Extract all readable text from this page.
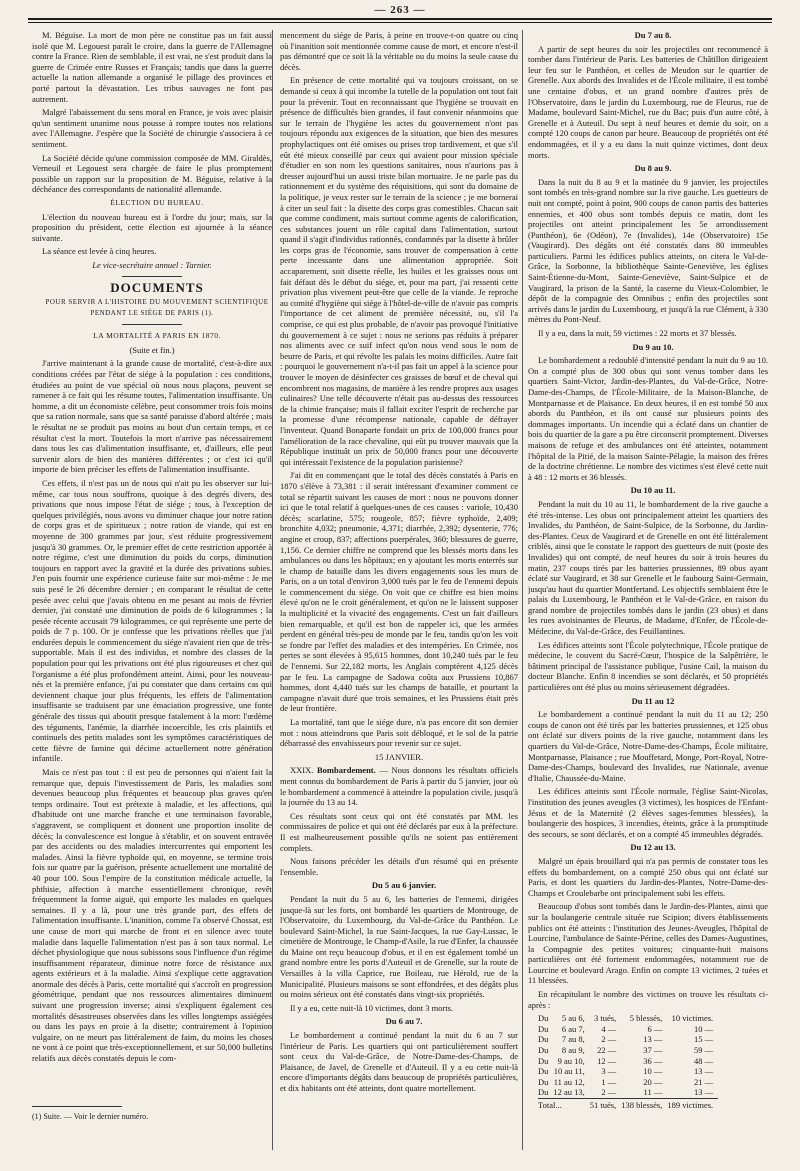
— 263 —

M. Béguise. La mort de mon père ne constitue pas un fait aussi isolé que M. Legouest paraît le croire, dans la guerre de l'Allemagne contre la France. Rien de semblable, il est vrai, ne s'est produit dans la guerre de Crimée entre Russes et Français; tandis que dans la guerre actuelle la nation allemande a organisé le pillage des provinces et porté partout la dévastation. Les tribus sauvages ne font pas autrement.

Malgré l'abaissement du sens moral en France, je vois avec plaisir qu'un sentiment unanime nous pousse à rompre toutes nos relations avec l'Allemagne. J'espère que la Société de chirurgie s'associera à ce sentiment.

La Société décide qu'une commission composée de MM. Giraldès, Verneuil et Legouest sera chargée de faire le plus promptement possible un rapport sur la proposition de M. Béguise, relative à la déchéance des correspondants de nationalité allemande.

ÉLECTION DU BUREAU.

L'élection du nouveau bureau est à l'ordre du jour; mais, sur la proposition du président, cette élection est ajournée à la séance suivante.

La séance est levée à cinq heures.

Le vice-secrétaire annuel : Tarnier.

DOCUMENTS

POUR SERVIR A L'HISTOIRE DU MOUVEMENT SCIENTIFIQUE PENDANT LE SIÉGE DE PARIS (1).

LA MORTALITÉ A PARIS EN 1870.

(Suite et fin.)

J'arrive maintenant à la grande cause de mortalité, c'est-à-dire aux conditions créées par l'état de siége à la population : ces conditions, étudiées au point de vue spécial où nous nous plaçons, peuvent se ramener à ce fait qui les résume toutes, l'alimentation insuffisante. Un homme, a dit un économiste célèbre, peut consommer trois fois moins que sa ration normale, sans que sa santé paraisse d'abord altérée ; mais le résultat ne se produit pas moins au bout d'un certain temps, et ce résultat c'est la mort. Toutefois la mort n'arrive pas nécessairement dans tous les cas d'alimentation insuffisante, et, d'ailleurs, elle peut survenir alors de bien des manières différentes ; or c'est ici qu'il importe de bien préciser les effets de l'alimentation insuffisante.

Ces effets, il n'est pas un de nous qui n'ait pu les observer sur lui-même, car tous nous souffrons, quoique à des degrés divers, des privations que nous impose l'état de siége ; tous, à l'exception de quelques privilégiés, nous avons vu diminuer chaque jour notre ration de corps gras et de spiritueux ; notre ration de viande, qui est en moyenne de 300 grammes par jour, s'est réduite progressivement jusqu'à 30 grammes. Or, le premier effet de cette restriction apportée à notre régime, c'est une diminution du poids du corps, diminution toujours en rapport avec la gravité et la durée des privations subies. J'en puis fournir une expérience curieuse faite sur moi-même : Je me suis pesé le 26 décembre dernier ; en comparant le résultat de cette pesée avec celui que j'avais obtenu en me pesant au mois de février dernier, j'ai constaté une diminution de poids de 6 kilogrammes ; la pesée récente accusait 79 kilogrammes, ce qui représente une perte de poids de 7 p. 100. Or je confesse que les privations réelles que j'ai endurées depuis le commencement du siége n'avaient rien que de très-supportable. Mais il est des individus, et nombre des classes de la population pour qui les privations ont été plus rigoureuses et chez qui l'organisme a été plus profondément atteint. Ainsi, pour les nouveau-nés et la première enfance, j'ai pu constater que dans certains cas qui deviennent chaque jour plus fréquents, les effets de l'alimentation insuffisante se traduisent par une émaciation progressive, une fonte générale des tissus qui aboutit presque fatalement à la mort: l'œdème des téguments, l'anémie, la diarrhée incoercible, les cris plaintifs et continuels des petits malades sont les symptômes caractéristiques de cette fièvre de famine qui décime actuellement notre génération infantile.

Mais ce n'est pas tout : il est peu de personnes qui n'aient fait la remarque que, depuis l'investissement de Paris, les maladies sont devenues beaucoup plus fréquentes et beaucoup plus graves qu'en temps ordinaire. Tout est prétexte à maladie, et les affections, qui d'habitude ont une marche franche et une terminaison favorable, s'aggravent, se compliquent et donnent une proportion insolite de décès; la convalescence est longue à s'établir, et on souvent entravée par des accidents ou des maladies intercurrentes qui emportent les malades. Ainsi la fièvre typhoïde qui, en moyenne, se termine trois fois sur quatre par la guérison, présente actuellement une mortalité de 40 pour 100. Sous l'empire de la constitution médicale actuelle, la phthisie, affection à marche essentiellement chronique, revêt fréquemment la forme aiguë, qui emporte les malades en quelques semaines. Il y a là, pour une très grande part, des effets de l'alimentation insuffisante. L'inanition, comme l'a observé Chossat, est une cause de mort qui marche de front et en silence avec toute maladie dans laquelle l'alimentation n'est pas à son taux normal. Le déchet physiologique que nous subissons sous l'influence d'un régime insuffisamment réparateur, diminue notre force de résistance aux agents extérieurs et à la maladie. Ainsi s'explique cette aggravation anormale des décès à Paris, cette mortalité qui s'accroît en progression géométrique, pendant que nos ressources alimentaires diminuent suivant une progression inverse; ainsi s'expliquent également ces mortalités désastreuses observées dans les villes longtemps assiégées ou dans les pays en proie à la disette; contrairement à l'opinion vulgaire, on ne meurt pas littéralement de faim, du moins les choses ne vont à ce point que très-exceptionnellement, et sur 50,000 bulletins relatifs aux décès constatés depuis le com-

(1) Suite. — Voir le dernier numéro.

mencement du siége de Paris, à peine en trouve-t-on quatre ou cinq où l'inanition soit mentionnée comme cause de mort, et encore n'est-il pas démontré que ce soit là la véritable ou du moins la seule cause du décès.

En présence de cette mortalité qui va toujours croissant, on se demande si ceux à qui incombe la tutelle de la population ont tout fait pour la prévenir. Tout en reconnaissant que l'hygiène se trouvait en présence de difficultés bien grandes, il faut convenir néanmoins que sur le terrain de l'hygiène les actes du gouvernement n'ont pas toujours répondu aux exigences de la situation, que bien des mesures prophylactiques ont été omises ou prises trop tardivement, et que s'il eût été mieux conseillé par ceux qui avaient pour mission spéciale d'étudier en son nom les questions sanitaires, nous n'aurions pas à dresser aujourd'hui un aussi triste bilan mortuaire. Je ne parle pas du rationnement et du système des réquisitions, qui sont du domaine de la politique, je veux rester sur le terrain de la science ; je me bornerai à citer un seul fait : la disette des corps gras comestibles. Chacun sait que comme condiment, mais surtout comme agents de calorification, ces substances jouent un rôle capital dans l'alimentation, surtout quand il s'agit d'individus rationnés, condamnés par la disette à brûler les corps gras de l'économie, sans trouver de compensation à cette perte incessante dans une alimentation appropriée. Soit accaparement, soit disette réelle, les huiles et les graisses nous ont fait défaut dès le début du siége, et, pour ma part, j'ai ressenti cette privation plus vivement peut-être que celle de la viande. Je reproche au comité d'hygiène qui siége à l'hôtel-de-ville de n'avoir pas compris l'importance de cet aliment de première nécessité, ou, s'il l'a comprise, ce qui est plus probable, de n'avoir pas provoqué l'initiative du gouvernement à ce sujet : nous ne serions pas réduits à préparer nos aliments avec ce suif infect qu'on nous vend sous le nom de beurre de Paris, et qui révolte les palais les moins difficiles. Autre fait : pourquoi le gouvernement n'a-t-il pas fait un appel à la science pour trouver le moyen de désinfecter ces graisses de bœuf et de cheval qui encombrent nos magasins, de manière à les rendre propres aux usages culinaires? Une telle découverte n'était pas au-dessus des ressources de la chimie française; mais il fallait exciter l'esprit de recherche par la promesse d'une récompense nationale, capable de défrayer l'inventeur. Quand Bonaparte fondait un prix de 100,000 francs pour l'amélioration de la race chevaline, qui eût pu trouver mauvais que la République instituât un prix de 50,000 francs pour une découverte qui intéressait l'existence de la population parisienne?

J'ai dit en commençant que le total des décès constatés à Paris en 1870 s'élève à 73,381 : il serait intéressant d'examiner comment ce total se répartit suivant les causes de mort : nous ne pouvons donner ici que le total relatif à quelques-unes de ces causes : variole, 10,430 décès; scarlatine, 575; rougeole, 857; fièvre typhoïde, 2,409; bronchite 4,032; pneumonie, 4,371; diarrhée, 2,392; dysenterie, 776; angine et croup, 837; affections puerpérales, 360; blessures de guerre, 1,156. Ce dernier chiffre ne comprend que les blessés morts dans les ambulances ou dans les hôpitaux; en y ajoutant les morts enterrés sur le champ de bataille dans les divers engagements sous les murs de Paris, on a un total d'environ 3,000 tués par le feu de l'ennemi depuis le commencement du siége. On voit que ce chiffre est bien moins élevé qu'on ne le croit généralement, et qu'on ne le laissent supposer la multiplicité et la vivacité des engagements. C'est un fait d'ailleurs bien remarquable, et qu'il est bon de rappeler ici, que les armées perdent en général très-peu de monde par le feu, tandis qu'on les voit se fondre par l'effet des maladies et des intempéries. En Crimée, nos pertes se sont élevées à 95,615 hommes, dont 10,240 tués par le feu de l'ennemi. Sur 22,182 morts, les Anglais comptèrent 4,125 décès par le feu. La campagne de Sadowa coûta aux Prussiens 10,867 hommes, dont 4,440 tués sur les champs de bataille, et pourtant la campagne n'avait duré que trois semaines, et les Prussiens était près de leur frontière.

La mortalité, tant que le siége dure, n'a pas encore dit son dernier mot : nous atteindrons que Paris soit débloqué, et le sol de la patrie débarrassé des envahisseurs pour revenir sur ce sujet.

15 JANVIER.

XXIX. Bombardement. — Nous donnons les résultats officiels ment connus du bombardement de Paris à partir du 5 janvier, jour où le bombardement a commencé à atteindre la population civile, jusqu'à la journée du 13 au 14.

Ces résultats sont ceux qui ont été constatés par MM. les commissaires de police et qui ont été déclarés par eux à la préfecture. Il est malheureusement possible qu'ils ne soient pas entièrement complets.

Nous faisons précéder les détails d'un résumé qui en présente l'ensemble.

Du 5 au 6 janvier.

Pendant la nuit du 5 au 6, les batteries de l'ennemi, dirigées jusque-là sur les forts, ont bombardé les quartiers de Montrouge, de l'Observatoire, du Luxembourg, du Val-de-Grâce du Panthéon. Le boulevard Saint-Michel, la rue Saint-Jacques, la rue Gay-Lussac, le cimetière de Montrouge, le Champ-d'Asile, la rue d'Enfer, la chaussée du Maine ont reçu beaucoup d'obus, et il en est également tombé un grand nombre entre les ports d'Auteuil et de Grenelle, sur la route de Versailles à la villa Caprice, rue Boileau, rue Hérold, rue de la Municipalité. Plusieurs maisons se sont effondrées, et des dégâts plus ou moins sérieux ont été constatés dans vingt-six propriétés.

Il y a eu, cette nuit-là 10 victimes, dont 3 morts.

Du 6 au 7.

Le bombardement a continué pendant la nuit du 6 au 7 sur l'intérieur de Paris. Les quartiers qui ont particulièrement souffert sont ceux du Val-de-Grâce, de Notre-Dame-des-Champs, de Plaisance, de Javel, de Grenelle et d'Auteuil. Il y a eu cette nuit-là encore d'importants dégâts dans beaucoup de propriétés particulières, et dix habitants ont été atteints, dont quatre mortellement.

Du 7 au 8.

A partir de sept heures du soir les projectiles ont recommencé à tomber dans l'intérieur de Paris. Les batteries de Châtillon dirigeaient leur feu sur le Panthéon, et celles de Meudon sur le quartier de Grenelle. Aux abords des Invalides et de l'École militaire, il est tombé une centaine d'obus, et un grand nombre d'autres près de l'Observatoire, dans le jardin du Luxembourg, rue de Fleurus, rue de Madame, boulevard Saint-Michel, rue du Bac; puis d'un autre côté, à Grenelle et à Auteuil. Du sept à neuf heures et demie du soir, on a compté 120 coups de canon par heure. Beaucoup de propriétés ont été endommagées, et il y a eu dans la nuit quinze victimes, dont deux morts.

Du 8 au 9.

Dans la nuit du 8 au 9 et la matinée du 9 janvier, les projectiles sont tombés en très-grand nombre sur la rive gauche. Les guetteurs de nuit ont compté, point à point, 900 coups de canon partis des batteries ennemies, et 400 obus sont tombés depuis ce matin, dont les projectiles ont atteint principalement les 5e arrondissement (Panthéon), 6e (Odéon), 7e (Invalides), 14e (Observatoire) 15e (Vaugirard). Des dégâts ont été constatés dans 80 immeubles particuliers. Parmi les édifices publics atteints, on citera le Val-de-Grâce, la Sorbonne, la bibliothèque Sainte-Geneviève, les églises Saint-Étienne-du-Mont, Sainte-Geneviève, Saint-Sulpice et de Vaugirard, la prison de la Santé, la caserne du Vieux-Colombier, le dépôt de la compagnie des Omnibus ; enfin des projectiles sont arrivés dans le jardin du Luxembourg, et jusqu'à la rue Clément, à 330 mètres du Pont-Neuf.

Il y a eu, dans la nuit, 59 victimes : 22 morts et 37 blessés.

Du 9 au 10.

Le bombardement a redoublé d'intensité pendant la nuit du 9 au 10. On a compté plus de 300 obus qui sont venus tomber dans les quartiers Saint-Victor, Jardin-des-Plantes, du Val-de-Grâce, Notre-Dame-des-Champs, de l'École-Militaire, de la Maison-Blanche, de Montparnasse et de Plaisance. En deux heures, il en est tombé 50 aux abords du Panthéon, et ils ont causé sur plusieurs points des dommages importants. Un incendie qui a éclaté dans un chantier de bois du quartier de la gare a pu être circonscrit promptement. Diverses maisons de refuge et des ambulances ont été atteintes, notamment l'hôpital de la Pitié, de la maison Sainte-Pélagie, la maison des frères de la doctrine chrétienne. Le nombre des victimes s'est élevé cette nuit à 48 : 12 morts et 36 blessés.

Du 10 au 11.

Pendant la nuit du 10 au 11, le bombardement de la rive gauche a été très-intense. Les obus ont principalement atteint les quartiers des Invalides, du Panthéon, de Saint-Sulpice, de la Sorbonne, du Jardin-des-Plantes. Ceux de Vaugirard et de Grenelle en ont été littéralement criblés, ainsi que le constate le rapport des guetteurs de nuit (poste des Invalides) qui ont compté, de neuf heures du soir à trois heures du matin, 237 coups tirés par les batteries prussiennes, 89 obus ayant éclaté sur Vaugirard, et 38 sur Grenelle et le faubourg Saint-Germain, jusqu'au haut du quartier Montfertand. Les objectifs semblaient être le palais du Luxembourg, le Panthéon et le Val-de-Grâce, en raison du grand nombre de projectiles tombés dans le jardin (23 obus) et dans les rues avoisinantes de Fleurus, de Madame, d'Enfer, de l'École-de-Médecine, du Val-de-Grâce, des Feuillantines.

Les édifices atteints sont l'École polytechnique, l'École pratique de médecine, le couvent du Sacré-Cœur, l'hospice de la Salpêtrière, le bâtiment principal de l'assistance publique, l'usine Cail, la maison du docteur Blanche. Enfin 8 incendies se sont déclarés, et 50 propriétés particulières ont été plus ou moins sérieusement dégradées.

Du 11 au 12

Le bombardement a continué pendant la nuit du 11 au 12; 250 coups de canon ont été tirés par les batteries prussiennes, et 125 obus ont éclaté sur divers points de la rive gauche, notamment dans les quartiers du Val-de-Grâce, Notre-Dame-des-Champs, École militaire, Montparnasse, Plaisance ; rue Mouffetard, Monge, Port-Royal, Notre-Dame-des-Champs, boulevard des Invalides, rue Nationale, avenue d'Italie, Chaussée-du-Maine.

Les édifices atteints sont l'École normale, l'église Saint-Nicolas, l'institution des jeunes aveugles (3 victimes), les hospices de l'Enfant-Jésus et de la Maternité (2 élèves sages-femmes blessées), la boulangerie des hospices, 3 incendies, éteints, grâce à la promptitude des secours, se sont déclarés, et on a compté 45 immeubles dégradés.

Du 12 au 13.

Malgré un épais brouillard qui n'a pas permis de constater tous les effets du bombardement, on a compté 250 obus qui ont éclaté sur Paris, et dont les quartiers du Jardin-des-Plantes, Notre-Dame-des-Champs et Croulebarbe ont principalement subi les effets.

Beaucoup d'obus sont tombés dans le Jardin-des-Plantes, ainsi que sur la boulangerie centrale située rue Scipion; divers établissements publics ont été atteints : l'institution des Jeunes-Aveugles, l'hôpital de Lourcine, l'ambulance de Sainte-Périne, celles des Dames-Augustines, la Compagnie des petites voitures; cinquante-huit maisons particulières ont été fortement endommagées, notamment rue de Lourcine et boulevard Arago. Enfin on compte 13 victimes, 2 tuées et 11 blessées.

En récapitulant le nombre des victimes on trouve les résultats ci-après :

Du	5 au 6,	3 tués,	5 blessés,	10 victimes.
Du	6 au 7,	4 —	6 —	10 —
Du	7 au 8,	2 —	13 —	15 —
Du	8 au 9,	22 —	37 —	59 —
Du	9 au 10,	12 —	36 —	48 —
Du	10 au 11,	3 —	10 —	13 —
Du	11 au 12,	1 —	20 —	21 —
Du	12 au 13,	2 —	11 —	13 —
Total...		51 tués,	138 blessés,	189 victimes.
